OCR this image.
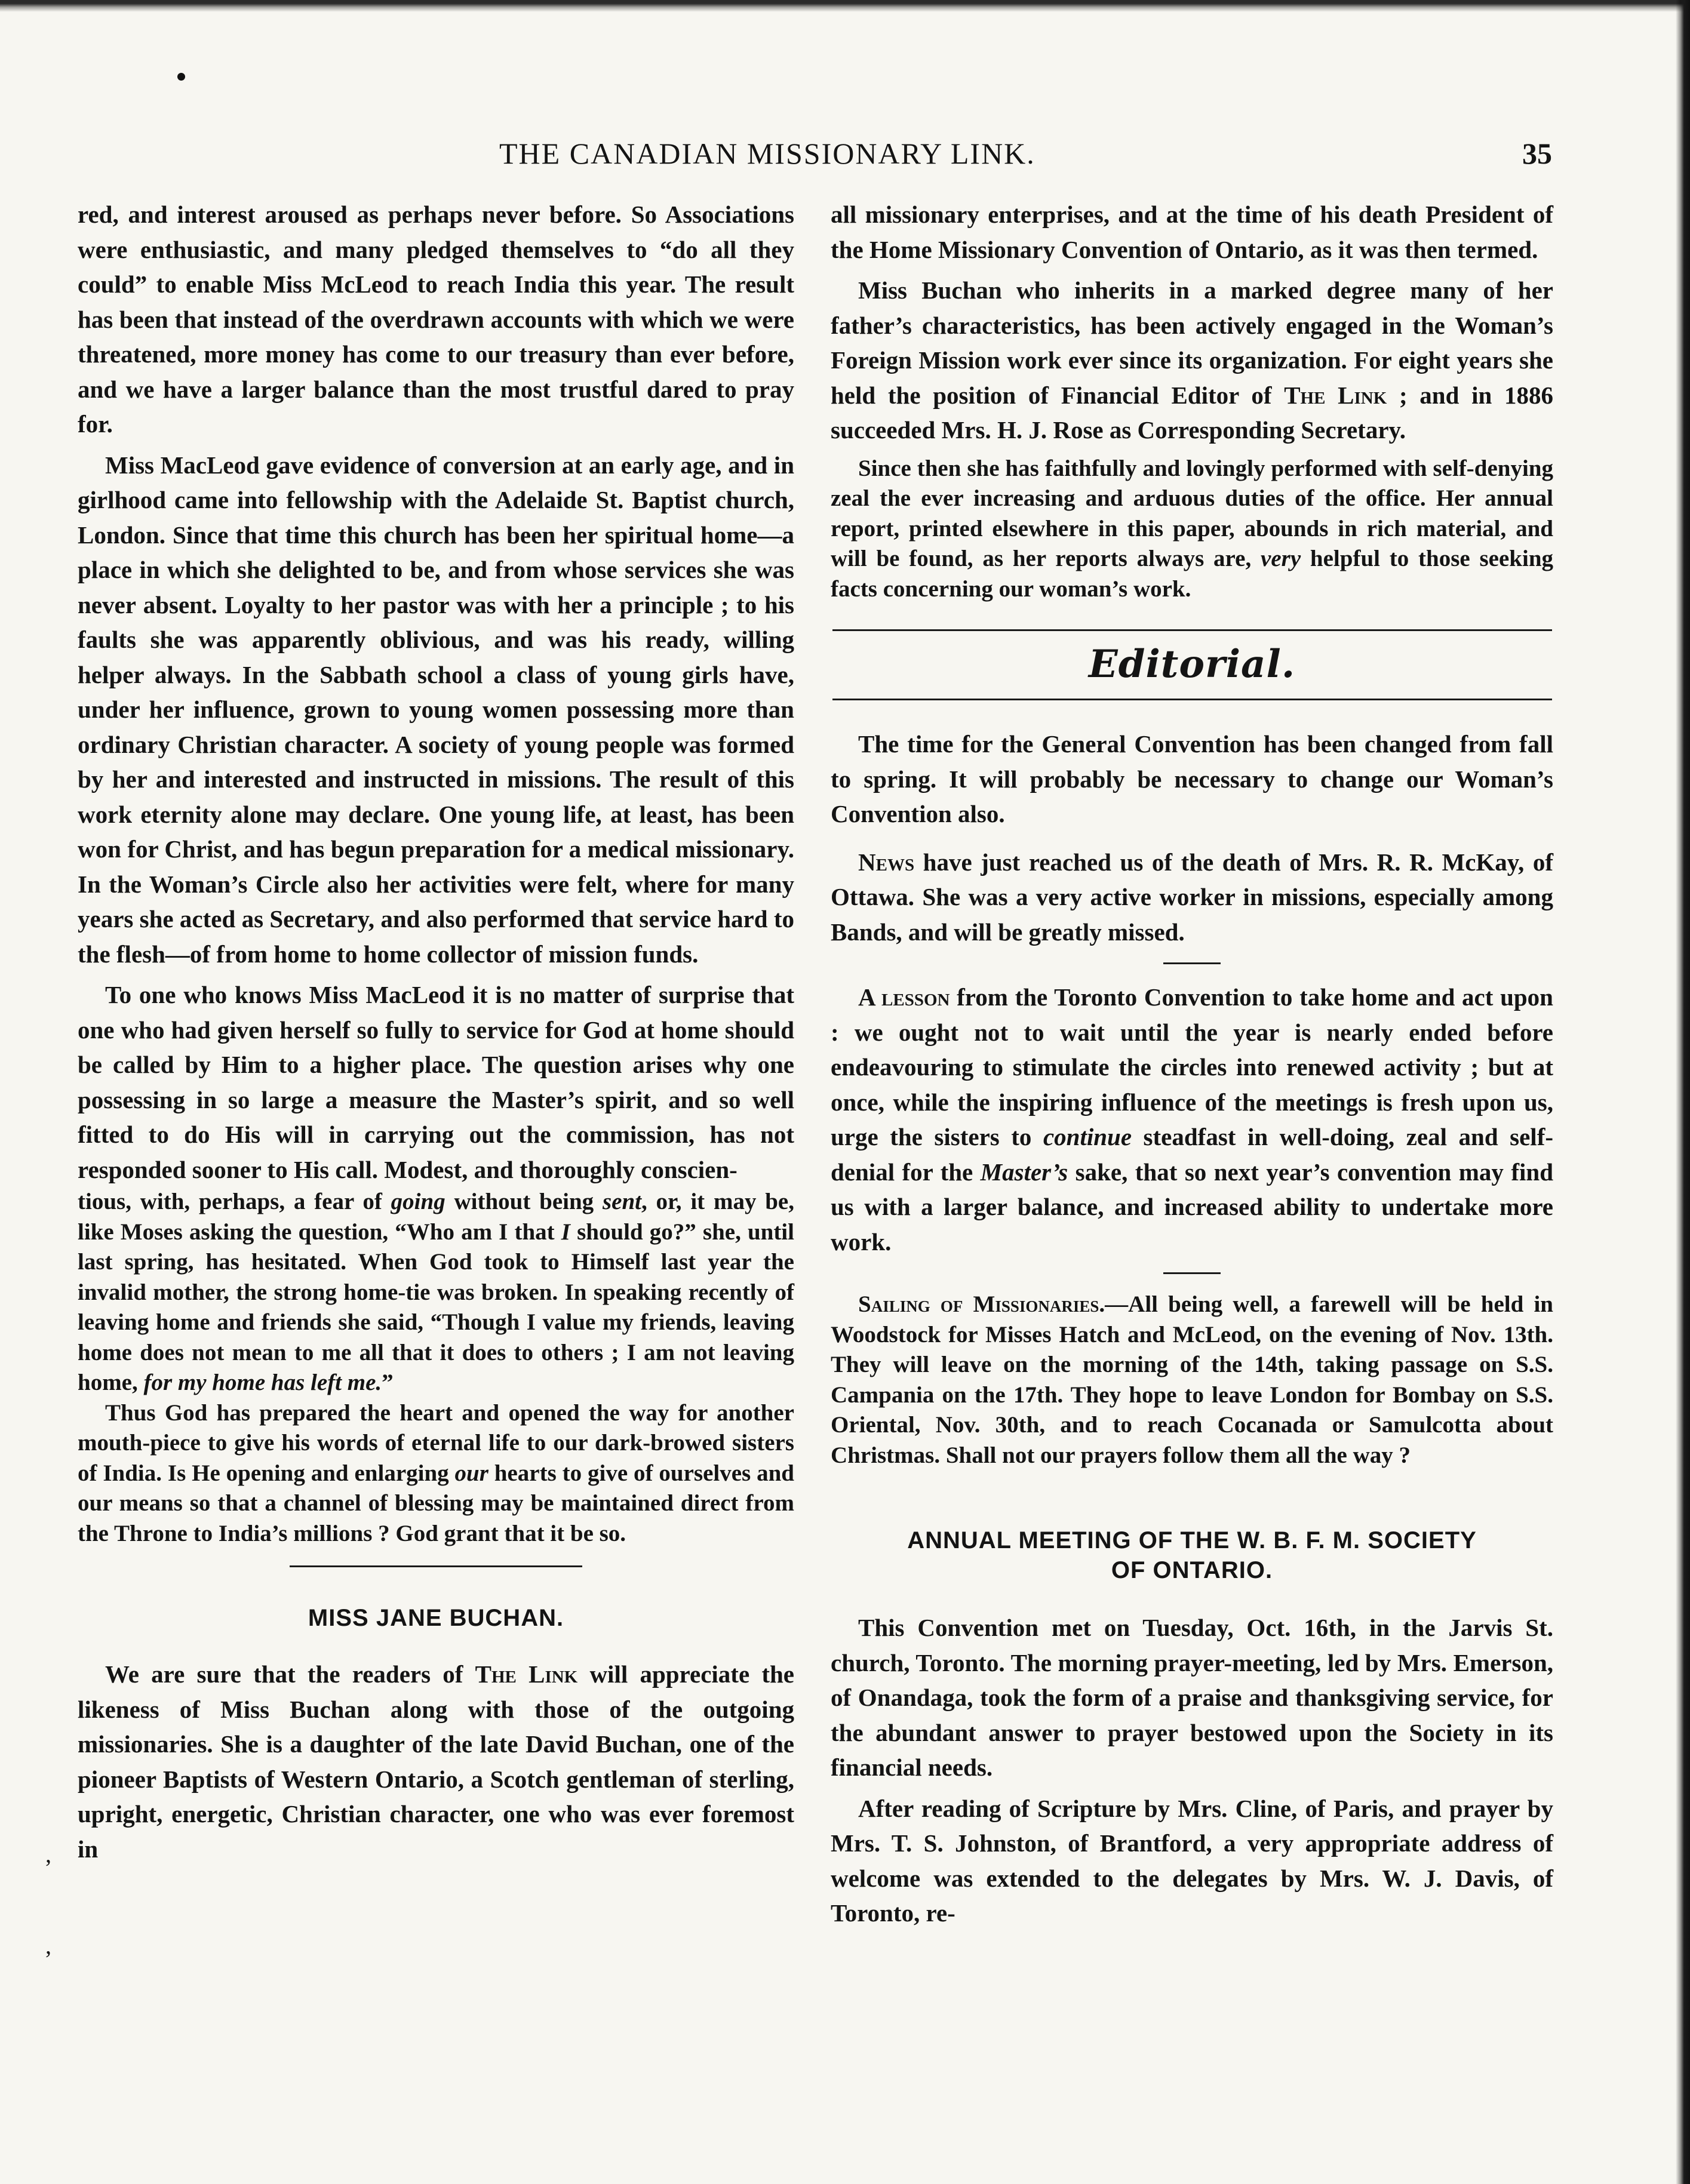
,
,
THE CANADIAN MISSIONARY LINK.	35

red, and interest aroused as perhaps never before. So Associations were enthusiastic, and many pledged themselves to “do all they could” to enable Miss McLeod to reach India this year. The result has been that instead of the overdrawn accounts with which we were threatened, more money has come to our treasury than ever before, and we have a larger balance than the most trustful dared to pray for.

Miss MacLeod gave evidence of conversion at an early age, and in girlhood came into fellowship with the Adelaide St. Baptist church, London. Since that time this church has been her spiritual home—a place in which she delighted to be, and from whose services she was never absent. Loyalty to her pastor was with her a principle ; to his faults she was apparently oblivious, and was his ready, willing helper always. In the Sabbath school a class of young girls have, under her influence, grown to young women possessing more than ordinary Christian character. A society of young people was formed by her and interested and instructed in missions. The result of this work eternity alone may declare. One young life, at least, has been won for Christ, and has begun preparation for a medical missionary. In the Woman’s Circle also her activities were felt, where for many years she acted as Secretary, and also performed that service hard to the flesh—of from home to home collector of mission funds.

To one who knows Miss MacLeod it is no matter of surprise that one who had given herself so fully to service for God at home should be called by Him to a higher place. The question arises why one possessing in so large a measure the Master’s spirit, and so well fitted to do His will in carrying out the commission, has not responded sooner to His call. Modest, and thoroughly conscien-

tious, with, perhaps, a fear of going without being sent, or, it may be, like Moses asking the question, “Who am I that I should go?” she, until last spring, has hesitated. When God took to Himself last year the invalid mother, the strong home-tie was broken. In speaking recently of leaving home and friends she said, “Though I value my friends, leaving home does not mean to me all that it does to others ; I am not leaving home, for my home has left me.”

Thus God has prepared the heart and opened the way for another mouth-piece to give his words of eternal life to our dark-browed sisters of India. Is He opening and enlarging our hearts to give of ourselves and our means so that a channel of blessing may be maintained direct from the Throne to India’s millions ? God grant that it be so.

MISS JANE BUCHAN.

We are sure that the readers of The Link will appreciate the likeness of Miss Buchan along with those of the outgoing missionaries. She is a daughter of the late David Buchan, one of the pioneer Baptists of Western Ontario, a Scotch gentleman of sterling, upright, energetic, Christian character, one who was ever foremost in

all missionary enterprises, and at the time of his death President of the Home Missionary Convention of Ontario, as it was then termed.

Miss Buchan who inherits in a marked degree many of her father’s characteristics, has been actively engaged in the Woman’s Foreign Mission work ever since its organization. For eight years she held the position of Financial Editor of The Link ; and in 1886 succeeded Mrs. H. J. Rose as Corresponding Secretary.

Since then she has faithfully and lovingly performed with self-denying zeal the ever increasing and arduous duties of the office. Her annual report, printed elsewhere in this paper, abounds in rich material, and will be found, as her reports always are, very helpful to those seeking facts concerning our woman’s work.

Editorial.

The time for the General Convention has been changed from fall to spring. It will probably be necessary to change our Woman’s Convention also.

News have just reached us of the death of Mrs. R. R. McKay, of Ottawa. She was a very active worker in missions, especially among Bands, and will be greatly missed.

A lesson from the Toronto Convention to take home and act upon : we ought not to wait until the year is nearly ended before endeavouring to stimulate the circles into renewed activity ; but at once, while the inspiring influence of the meetings is fresh upon us, urge the sisters to continue steadfast in well-doing, zeal and self-denial for the Master’s sake, that so next year’s convention may find us with a larger balance, and increased ability to undertake more work.

Sailing of Missionaries.—All being well, a farewell will be held in Woodstock for Misses Hatch and McLeod, on the evening of Nov. 13th. They will leave on the morning of the 14th, taking passage on S.S. Campania on the 17th. They hope to leave London for Bombay on S.S. Oriental, Nov. 30th, and to reach Cocanada or Samulcotta about Christmas. Shall not our prayers follow them all the way ?

ANNUAL MEETING OF THE W. B. F. M. SOCIETY
OF ONTARIO.

This Convention met on Tuesday, Oct. 16th, in the Jarvis St. church, Toronto. The morning prayer-meeting, led by Mrs. Emerson, of Onandaga, took the form of a praise and thanksgiving service, for the abundant answer to prayer bestowed upon the Society in its financial needs.

After reading of Scripture by Mrs. Cline, of Paris, and prayer by Mrs. T. S. Johnston, of Brantford, a very appropriate address of welcome was extended to the delegates by Mrs. W. J. Davis, of Toronto, re-
